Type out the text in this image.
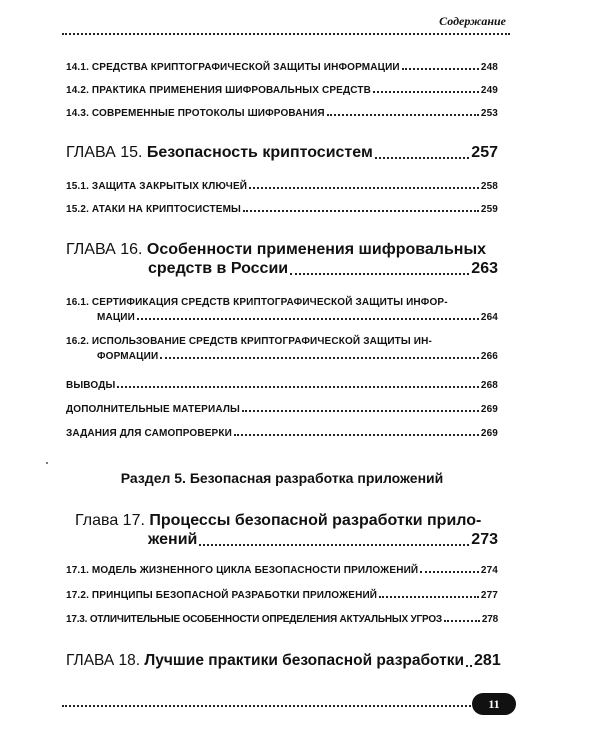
Содержание
14.1. СРЕДСТВА КРИПТОГРАФИЧЕСКОЙ ЗАЩИТЫ ИНФОРМАЦИИ	248
14.2. ПРАКТИКА ПРИМЕНЕНИЯ ШИФРОВАЛЬНЫХ СРЕДСТВ	249
14.3. СОВРЕМЕННЫЕ ПРОТОКОЛЫ ШИФРОВАНИЯ	253
ГЛАВА 15. Безопасность криптосистем	257
15.1. ЗАЩИТА ЗАКРЫТЫХ КЛЮЧЕЙ	258
15.2. АТАКИ НА КРИПТОСИСТЕМЫ	259
ГЛАВА 16. Особенности применения шифровальных
средств в России	263
16.1. СЕРТИФИКАЦИЯ СРЕДСТВ КРИПТОГРАФИЧЕСКОЙ ЗАЩИТЫ ИНФОР-
МАЦИИ	264
16.2. ИСПОЛЬЗОВАНИЕ СРЕДСТВ КРИПТОГРАФИЧЕСКОЙ ЗАЩИТЫ ИН-
ФОРМАЦИИ	266
ВЫВОДЫ	268
ДОПОЛНИТЕЛЬНЫЕ МАТЕРИАЛЫ	269
ЗАДАНИЯ ДЛЯ САМОПРОВЕРКИ	269
Раздел 5. Безопасная разработка приложений
Глава 17. Процессы безопасной разработки прило-
жений	273
17.1. МОДЕЛЬ ЖИЗНЕННОГО ЦИКЛА БЕЗОПАСНОСТИ ПРИЛОЖЕНИЙ	274
17.2. ПРИНЦИПЫ БЕЗОПАСНОЙ РАЗРАБОТКИ ПРИЛОЖЕНИЙ	277
17.3. ОТЛИЧИТЕЛЬНЫЕ ОСОБЕННОСТИ ОПРЕДЕЛЕНИЯ АКТУАЛЬНЫХ УГРОЗ	278
ГЛАВА 18. Лучшие практики безопасной разработки 281
11
